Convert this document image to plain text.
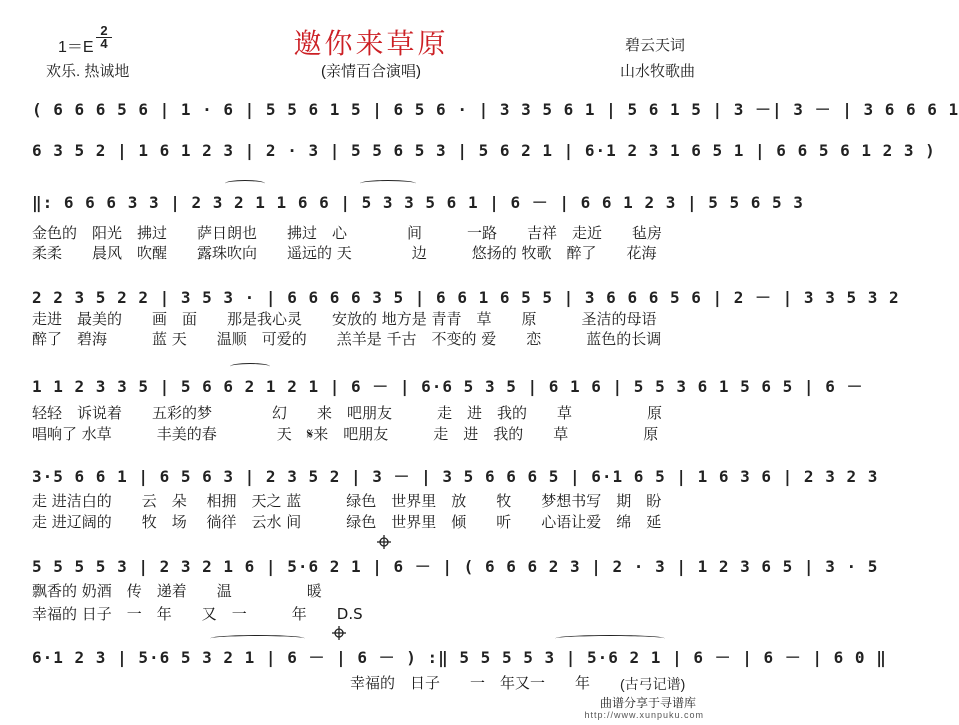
邀你来草原
(亲情百合演唱)
$1=E \frac{2}{4}$
欢乐. 热诚地
碧云天词
山水牧歌曲
( 6 6 6 5 6 | 1 · 6 | 5 5 6 1 5 | 6 5 6 · | 3 3 5 6 1 | 5 6 1 5 | 3 －| 3 － | 3 6 6 6 1
6 3 5 2 | 1 6 1 2 3 | 2 · 3 | 5 5 6 5 3 | 5 6 2 1 | 6·1 2 3 1 6 5 1 | 6 6 5 6 1 2 3 )
‖: 6 6 6 3 3 | 2 3 2 1 1 6 6 | 5 3 3 5 6 1 | 6 － | 6 6 1 2 3 | 5 5 6 5 3
金色的　阳光　拂过　　萨日朗也　　拂过　心　　　　间　　　一路　　吉祥　走近　　毡房
柔柔　　晨风　吹醒　　露珠吹向　　遥远的 天　　　　边　　　悠扬的 牧歌　醉了　　花海
2 2 3 5 2 2 | 3 5 3 · | 6 6 6 6 3 5 | 6 6 1 6 5 5 | 3 6 6 6 5 6 | 2 － | 3 3 5 3 2
走进　最美的　　画　面　　那是我心灵　　安放的 地方是 青青　草　　原　　　圣洁的母语
醉了　碧海　　　蓝 天　　温顺　可爱的　　羔羊是 千古　不变的 爱　　恋　　　蓝色的长调
1 1 2 3 3 5 | 5 6 6 2 1 2 1 | 6 － | 6·6 5 3 5 | 6 1 6 | 5 5 3 6 1 5 6 5 | 6 －
轻轻　诉说着　　五彩的梦　　　　幻　　来　吧朋友　　　走　进　我的　　草　　　　　原
唱响了 水草　　　丰美的春　　　　天　𝄋来　吧朋友　　　走　进　我的　　草　　　　　原
3·5 6 6 1 | 6 5 6 3 | 2 3 5 2 | 3 － | 3 5 6 6 6 5 | 6·1 6 5 | 1 6 3 6 | 2 3 2 3
走 进洁白的　　云　朵　 相拥　天之 蓝　　　绿色　世界里　放　　牧　　梦想书写　期　盼
走 进辽阔的　　牧　场　 徜徉　云水 间　　　绿色　世界里　倾　　听　　心语让爱　绵　延
5 5 5 5 3 | 2 3 2 1 6 | 5·6 2 1 | 6 － | ( 6 6 6 2 3 | 2 · 3 | 1 2 3 6 5 | 3 · 5
飘香的 奶酒　传　递着　　温　　　　　暖
幸福的 日子　一　年　　又　一　　　年　　D.S
6·1 2 3 | 5·6 5 3 2 1 | 6 － | 6 － ) :‖ 5 5 5 5 3 | 5·6 2 1 | 6 － | 6 － | 6 0 ‖
幸福的　日子　　一　年又一　　年 (古弓记谱)
曲谱分享于寻谱库
http://www.xunpuku.com
